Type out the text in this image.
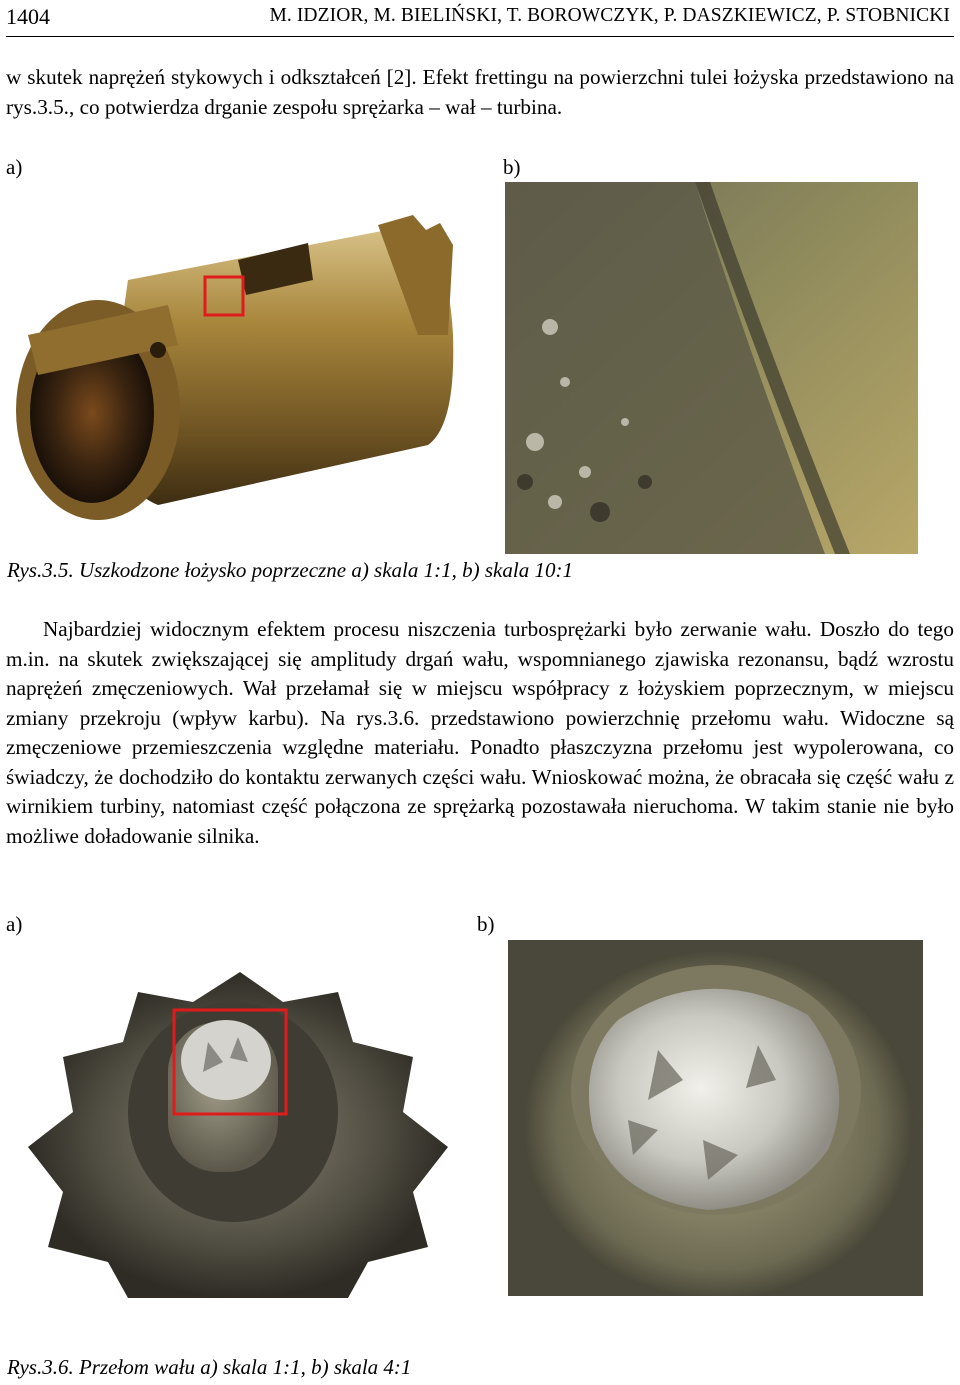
1404	M. IDZIOR, M. BIELIŃSKI, T. BOROWCZYK, P. DASZKIEWICZ, P. STOBNICKI
w skutek naprężeń stykowych i odkształceń [2]. Efekt frettingu na powierzchni tulei łożyska przedstawiono na rys.3.5., co potwierdza drganie zespołu sprężarka – wał – turbina.
a)	b)
Rys.3.5. Uszkodzone łożysko poprzeczne a) skala 1:1, b) skala 10:1
Najbardziej widocznym efektem procesu niszczenia turbosprężarki było zerwanie wału. Doszło do tego m.in. na skutek zwiększającej się amplitudy drgań wału, wspomnianego zjawiska rezonansu, bądź wzrostu naprężeń zmęczeniowych. Wał przełamał się w miejscu współpracy z łożyskiem poprzecznym, w miejscu zmiany przekroju (wpływ karbu). Na rys.3.6. przedstawiono powierzchnię przełomu wału. Widoczne są zmęczeniowe przemieszczenia względne materiału. Ponadto płaszczyzna przełomu jest wypolerowana, co świadczy, że dochodziło do kontaktu zerwanych części wału. Wnioskować można, że obracała się część wału z wirnikiem turbiny, natomiast część połączona ze sprężarką pozostawała nieruchoma. W takim stanie nie było możliwe doładowanie silnika.
a)	b)
Rys.3.6. Przełom wału a) skala 1:1, b) skala 4:1
